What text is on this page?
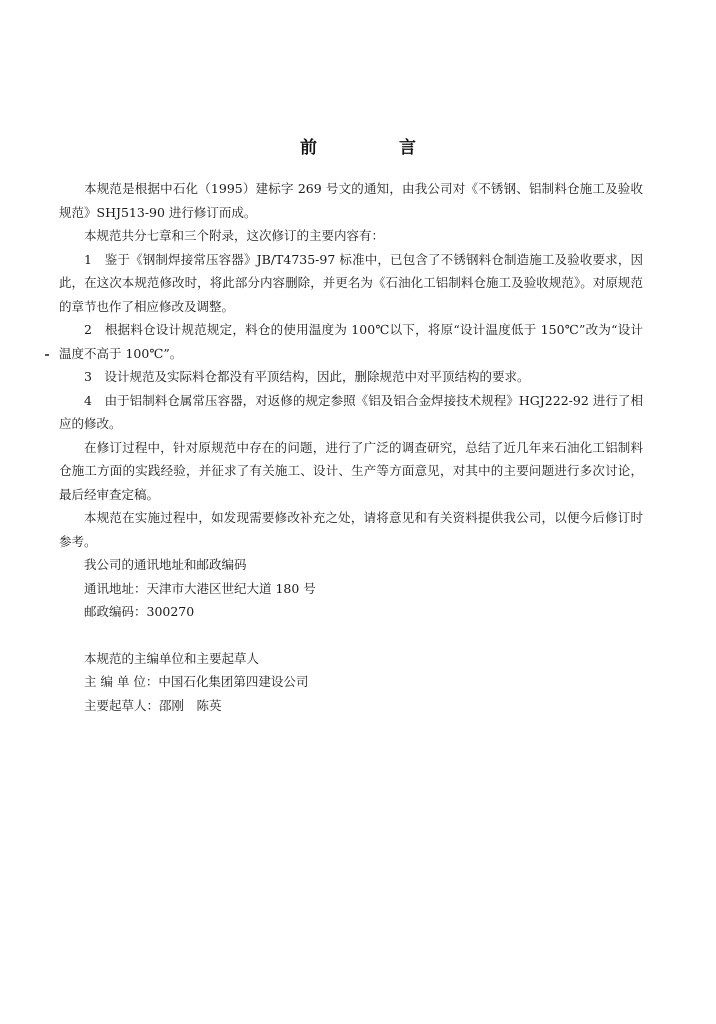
前 言

本规范是根据中石化（1995）建标字 269 号文的通知，由我公司对《不锈钢、铝制料仓施工及验收规范》SHJ513-90 进行修订而成。

本规范共分七章和三个附录，这次修订的主要内容有：

1　鉴于《钢制焊接常压容器》JB/T4735-97 标准中，已包含了不锈钢料仓制造施工及验收要求，因此，在这次本规范修改时，将此部分内容删除，并更名为《石油化工铝制料仓施工及验收规范》。对原规范的章节也作了相应修改及调整。

2　根据料仓设计规范规定，料仓的使用温度为 100℃以下，将原“设计温度低于 150℃”改为“设计温度不高于 100℃”。

3　设计规范及实际料仓都没有平顶结构，因此，删除规范中对平顶结构的要求。

4　由于铝制料仓属常压容器，对返修的规定参照《铝及铝合金焊接技术规程》HGJ222-92 进行了相应的修改。

在修订过程中，针对原规范中存在的问题，进行了广泛的调查研究，总结了近几年来石油化工铝制料仓施工方面的实践经验，并征求了有关施工、设计、生产等方面意见，对其中的主要问题进行多次讨论，最后经审查定稿。

本规范在实施过程中，如发现需要修改补充之处，请将意见和有关资料提供我公司，以便今后修订时参考。

我公司的通讯地址和邮政编码

通讯地址：天津市大港区世纪大道 180 号

邮政编码：300270

本规范的主编单位和主要起草人

主 编 单 位：中国石化集团第四建设公司

主要起草人：邵刚　陈英
